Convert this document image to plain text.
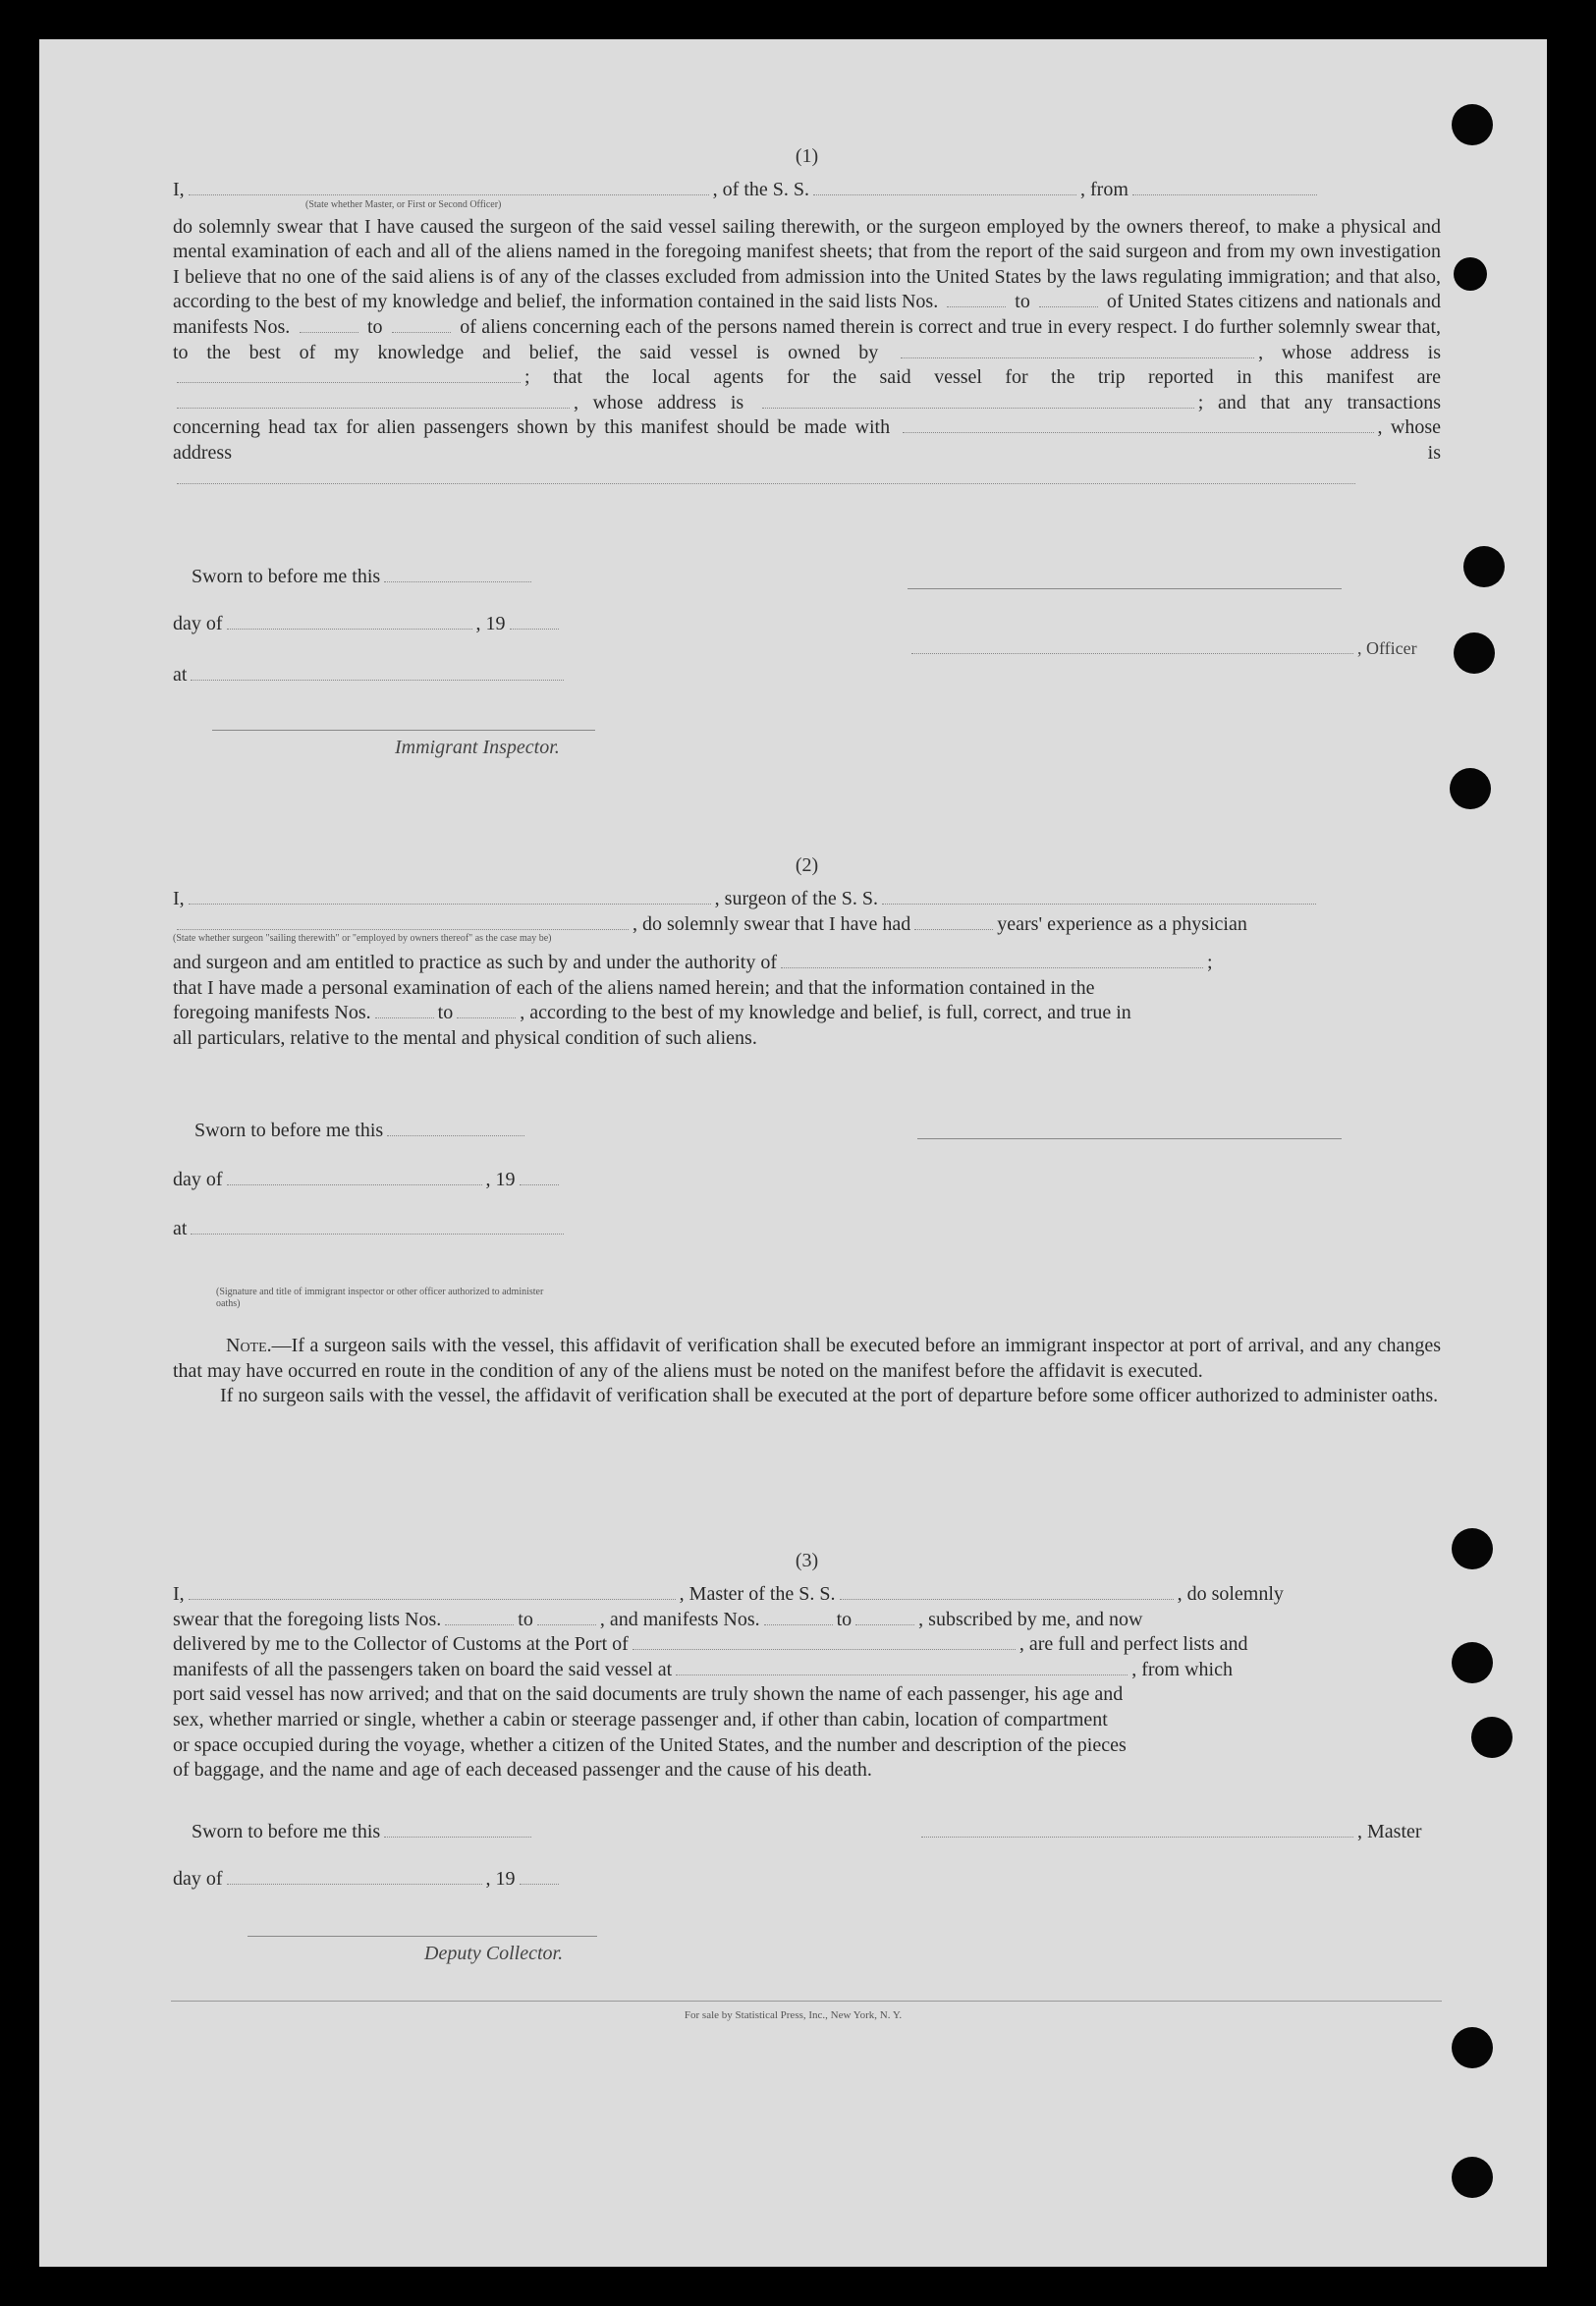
(1)
I,	, of the S. S.	, from
(State whether Master, or First or Second Officer)
do solemnly swear that I have caused the surgeon of the said vessel sailing therewith, or the surgeon employed by the owners thereof, to make a physical and mental examination of each and all of the aliens named in the foregoing manifest sheets; that from the report of the said surgeon and from my own investigation I believe that no one of the said aliens is of any of the classes excluded from admission into the United States by the laws regulating immigration; and that also, according to the best of my knowledge and belief, the information contained in the said lists Nos.	to	of United States citizens and nationals and manifests Nos.	to	of aliens concerning each of the persons named therein is correct and true in every respect. I do further solemnly swear that, to the best of my knowledge and belief, the said vessel is owned by	, whose address is ; that the local agents for the said vessel for the trip reported in this manifest are , whose address is	; and that any transactions concerning head tax for alien passengers shown by this manifest should be made with	, whose address is
Sworn to before me this
day of	, 19
, Officer
at
Immigrant Inspector.
(2)
I,	, surgeon of the S. S.
, do solemnly swear that I have had	years' experience as a physician
(State whether surgeon "sailing therewith" or "employed by owners thereof" as the case may be)
and surgeon and am entitled to practice as such by and under the authority of	;
that I have made a personal examination of each of the aliens named herein; and that the information contained in the
foregoing manifests Nos.	to	, according to the best of my knowledge and belief, is full, correct, and true in
all particulars, relative to the mental and physical condition of such aliens.
Sworn to before me this
day of	, 19
at
(Signature and title of immigrant inspector or other officer authorized to administer oaths)
Note.—If a surgeon sails with the vessel, this affidavit of verification shall be executed before an immigrant inspector at port of arrival, and any changes that may have occurred en route in the condition of any of the aliens must be noted on the manifest before the affidavit is executed.
If no surgeon sails with the vessel, the affidavit of verification shall be executed at the port of departure before some officer authorized to administer oaths.
(3)
I,	, Master of the S. S.	, do solemnly
swear that the foregoing lists Nos.	to	, and manifests Nos.	to	, subscribed by me, and now
delivered by me to the Collector of Customs at the Port of	, are full and perfect lists and
manifests of all the passengers taken on board the said vessel at	, from which
port said vessel has now arrived; and that on the said documents are truly shown the name of each passenger, his age and
sex, whether married or single, whether a cabin or steerage passenger and, if other than cabin, location of compartment
or space occupied during the voyage, whether a citizen of the United States, and the number and description of the pieces
of baggage, and the name and age of each deceased passenger and the cause of his death.
Sworn to before me this	, Master
day of	, 19
Deputy Collector.
For sale by Statistical Press, Inc., New York, N. Y.
